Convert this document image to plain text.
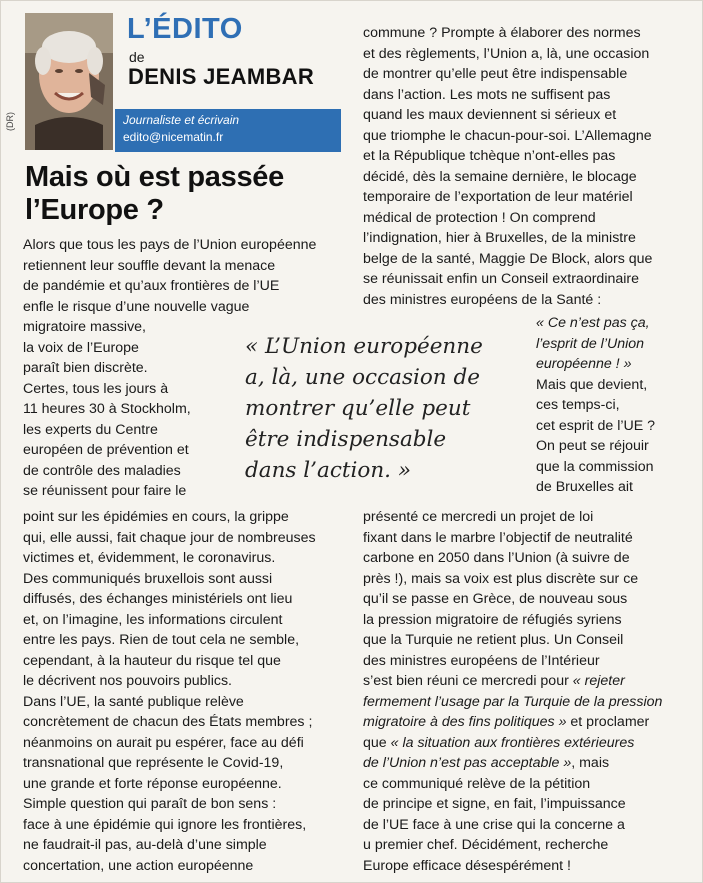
(DR)
L’ÉDITO
de
DENIS JEAMBAR
Journaliste et écrivain
edito@nicematin.fr
Mais où est passée
l’Europe ?
Alors que tous les pays de l’Union européenne
retiennent leur souffle devant la menace
de pandémie et qu’aux frontières de l’UE
enfle le risque d’une nouvelle vague
migratoire massive,
la voix de l’Europe
paraît bien discrète.
Certes, tous les jours à
11 heures 30 à Stockholm,
les experts du Centre
européen de prévention et
de contrôle des maladies
se réunissent pour faire le
point sur les épidémies en cours, la grippe
qui, elle aussi, fait chaque jour de nombreuses
victimes et, évidemment, le coronavirus.
Des communiqués bruxellois sont aussi
diffusés, des échanges ministériels ont lieu
et, on l’imagine, les informations circulent
entre les pays. Rien de tout cela ne semble,
cependant, à la hauteur du risque tel que
le décrivent nos pouvoirs publics.
Dans l’UE, la santé publique relève
concrètement de chacun des États membres ;
néanmoins on aurait pu espérer, face au défi
transnational que représente le Covid-19,
une grande et forte réponse européenne.
Simple question qui paraît de bon sens :
face à une épidémie qui ignore les frontières,
ne faudrait-il pas, au-delà d’une simple
concertation, une action européenne
commune ? Prompte à élaborer des normes
et des règlements, l’Union a, là, une occasion
de montrer qu’elle peut être indispensable
dans l’action. Les mots ne suffisent pas
quand les maux deviennent si sérieux et
que triomphe le chacun-pour-soi. L’Allemagne
et la République tchèque n’ont-elles pas
décidé, dès la semaine dernière, le blocage
temporaire de l’exportation de leur matériel
médical de protection ! On comprend
l’indignation, hier à Bruxelles, de la ministre
belge de la santé, Maggie De Block, alors que
se réunissait enfin un Conseil extraordinaire
des ministres européens de la Santé :
« Ce n’est pas ça,
l’esprit de l’Union
européenne ! »
Mais que devient,
ces temps-ci,
cet esprit de l’UE ?
On peut se réjouir
que la commission
de Bruxelles ait
« L’Union européenne
a, là, une occasion de
montrer qu’elle peut
être indispensable
dans l’action. »
présenté ce mercredi un projet de loi
fixant dans le marbre l’objectif de neutralité
carbone en 2050 dans l’Union (à suivre de
près !), mais sa voix est plus discrète sur ce
qu’il se passe en Grèce, de nouveau sous
la pression migratoire de réfugiés syriens
que la Turquie ne retient plus. Un Conseil
des ministres européens de l’Intérieur
s’est bien réuni ce mercredi pour « rejeter
fermement l’usage par la Turquie de la pression
migratoire à des fins politiques » et proclamer
que « la situation aux frontières extérieures
de l’Union n’est pas acceptable », mais
ce communiqué relève de la pétition
de principe et signe, en fait, l’impuissance
de l’UE face à une crise qui la concerne a
u premier chef. Décidément, recherche
Europe efficace désespérément !
